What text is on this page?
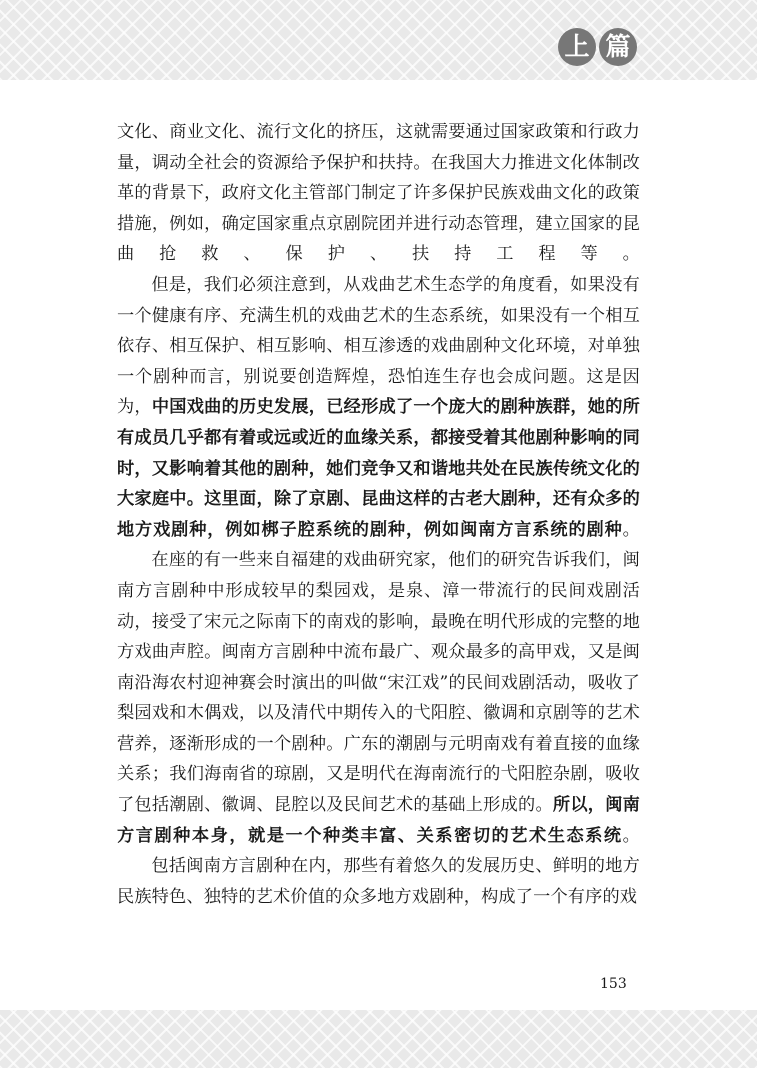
上 篇

文化、商业文化、流行文化的挤压，这就需要通过国家政策和行政力量，调动全社会的资源给予保护和扶持。在我国大力推进文化体制改革的背景下，政府文化主管部门制定了许多保护民族戏曲文化的政策措施，例如，确定国家重点京剧院团并进行动态管理，建立国家的昆曲抢救、保护、扶持工程等。

但是，我们必须注意到，从戏曲艺术生态学的角度看，如果没有一个健康有序、充满生机的戏曲艺术的生态系统，如果没有一个相互依存、相互保护、相互影响、相互渗透的戏曲剧种文化环境，对单独一个剧种而言，别说要创造辉煌，恐怕连生存也会成问题。这是因为，中国戏曲的历史发展，已经形成了一个庞大的剧种族群，她的所有成员几乎都有着或远或近的血缘关系，都接受着其他剧种影响的同时，又影响着其他的剧种，她们竞争又和谐地共处在民族传统文化的大家庭中。这里面，除了京剧、昆曲这样的古老大剧种，还有众多的地方戏剧种，例如梆子腔系统的剧种，例如闽南方言系统的剧种。

在座的有一些来自福建的戏曲研究家，他们的研究告诉我们，闽南方言剧种中形成较早的梨园戏，是泉、漳一带流行的民间戏剧活动，接受了宋元之际南下的南戏的影响，最晚在明代形成的完整的地方戏曲声腔。闽南方言剧种中流布最广、观众最多的高甲戏，又是闽南沿海农村迎神赛会时演出的叫做“宋江戏”的民间戏剧活动，吸收了梨园戏和木偶戏，以及清代中期传入的弋阳腔、徽调和京剧等的艺术营养，逐渐形成的一个剧种。广东的潮剧与元明南戏有着直接的血缘关系；我们海南省的琼剧，又是明代在海南流行的弋阳腔杂剧，吸收了包括潮剧、徽调、昆腔以及民间艺术的基础上形成的。所以，闽南方言剧种本身，就是一个种类丰富、关系密切的艺术生态系统。

包括闽南方言剧种在内，那些有着悠久的发展历史、鲜明的地方民族特色、独特的艺术价值的众多地方戏剧种，构成了一个有序的戏

153
